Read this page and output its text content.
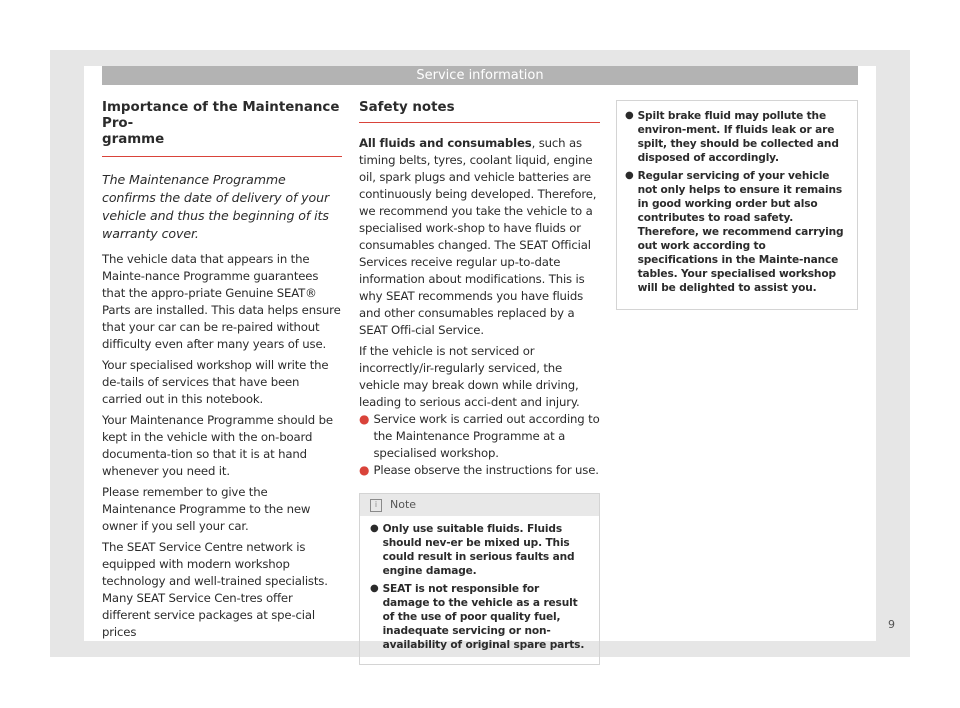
Service information
Importance of the Maintenance Pro-
gramme
The Maintenance Programme confirms the date of delivery of your vehicle and thus the beginning of its warranty cover.

The vehicle data that appears in the Mainte-nance Programme guarantees that the appro-priate Genuine SEAT® Parts are installed. This data helps ensure that your car can be re-paired without difficulty even after many years of use.

Your specialised workshop will write the de-tails of services that have been carried out in this notebook.

Your Maintenance Programme should be kept in the vehicle with the on-board documenta-tion so that it is at hand whenever you need it.

Please remember to give the Maintenance Programme to the new owner if you sell your car.

The SEAT Service Centre network is equipped with modern workshop technology and well-trained specialists. Many SEAT Service Cen-tres offer different service packages at spe-cial prices

Safety notes

All fluids and consumables, such as timing belts, tyres, coolant liquid, engine oil, spark plugs and vehicle batteries are continuously being developed. Therefore, we recommend you take the vehicle to a specialised work-shop to have fluids or consumables changed. The SEAT Official Services receive regular up-to-date information about modifications. This is why SEAT recommends you have fluids and other consumables replaced by a SEAT Offi-cial Service.

If the vehicle is not serviced or incorrectly/ir-regularly serviced, the vehicle may break down while driving, leading to serious acci-dent and injury.

● Service work is carried out according to the Maintenance Programme at a specialised workshop.

● Please observe the instructions for use.

i	Note
● Only use suitable fluids. Fluids should nev-er be mixed up. This could result in serious faults and engine damage.
● SEAT is not responsible for damage to the vehicle as a result of the use of poor quality fuel, inadequate servicing or non-availability of original spare parts.
● Spilt brake fluid may pollute the environ-ment. If fluids leak or are spilt, they should be collected and disposed of accordingly.
● Regular servicing of your vehicle not only helps to ensure it remains in good working order but also contributes to road safety. Therefore, we recommend carrying out work according to specifications in the Mainte-nance tables. Your specialised workshop will be delighted to assist you.
9
